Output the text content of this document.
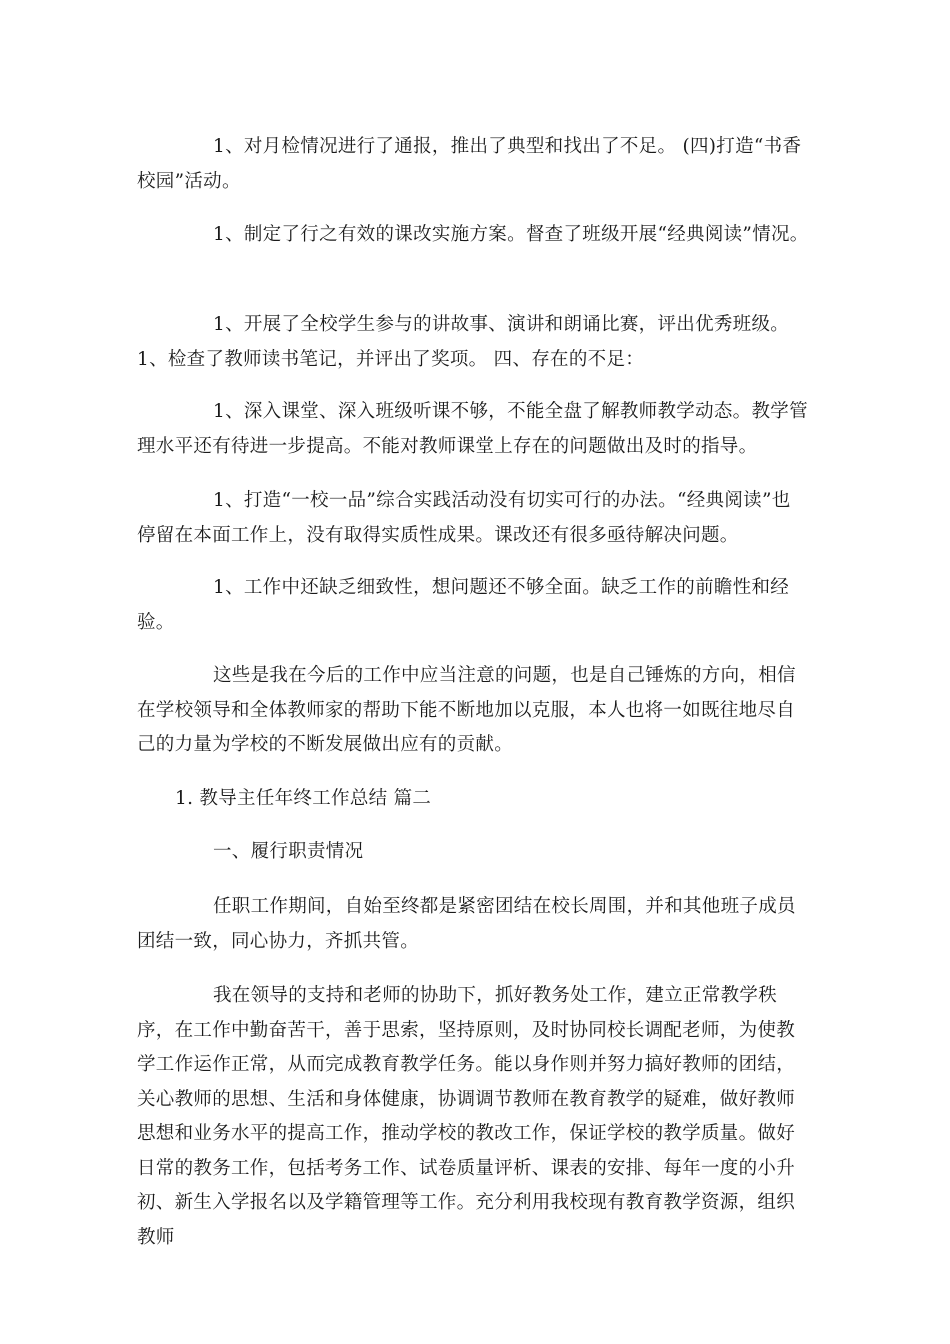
1、对月检情况进行了通报，推出了典型和找出了不足。 (四)打造“书香校园”活动。

1、制定了行之有效的课改实施方案。督查了班级开展“经典阅读”情况。

1、开展了全校学生参与的讲故事、演讲和朗诵比赛，评出优秀班级。 1、检查了教师读书笔记，并评出了奖项。 四、存在的不足：

1、深入课堂、深入班级听课不够，不能全盘了解教师教学动态。教学管理水平还有待进一步提高。不能对教师课堂上存在的问题做出及时的指导。

1、打造“一校一品”综合实践活动没有切实可行的办法。“经典阅读”也停留在本面工作上，没有取得实质性成果。课改还有很多亟待解决问题。

1、工作中还缺乏细致性，想问题还不够全面。缺乏工作的前瞻性和经验。

这些是我在今后的工作中应当注意的问题，也是自己锤炼的方向，相信在学校领导和全体教师家的帮助下能不断地加以克服，本人也将一如既往地尽自己的力量为学校的不断发展做出应有的贡献。

1. 教导主任年终工作总结 篇二

一、履行职责情况

任职工作期间，自始至终都是紧密团结在校长周围，并和其他班子成员团结一致，同心协力，齐抓共管。

我在领导的支持和老师的协助下，抓好教务处工作，建立正常教学秩序，在工作中勤奋苦干，善于思索，坚持原则，及时协同校长调配老师，为使教学工作运作正常，从而完成教育教学任务。能以身作则并努力搞好教师的团结，关心教师的思想、生活和身体健康，协调调节教师在教育教学的疑难，做好教师思想和业务水平的提高工作，推动学校的教改工作，保证学校的教学质量。做好日常的教务工作，包括考务工作、试卷质量评析、课表的安排、每年一度的小升初、新生入学报名以及学籍管理等工作。充分利用我校现有教育教学资源，组织教师
